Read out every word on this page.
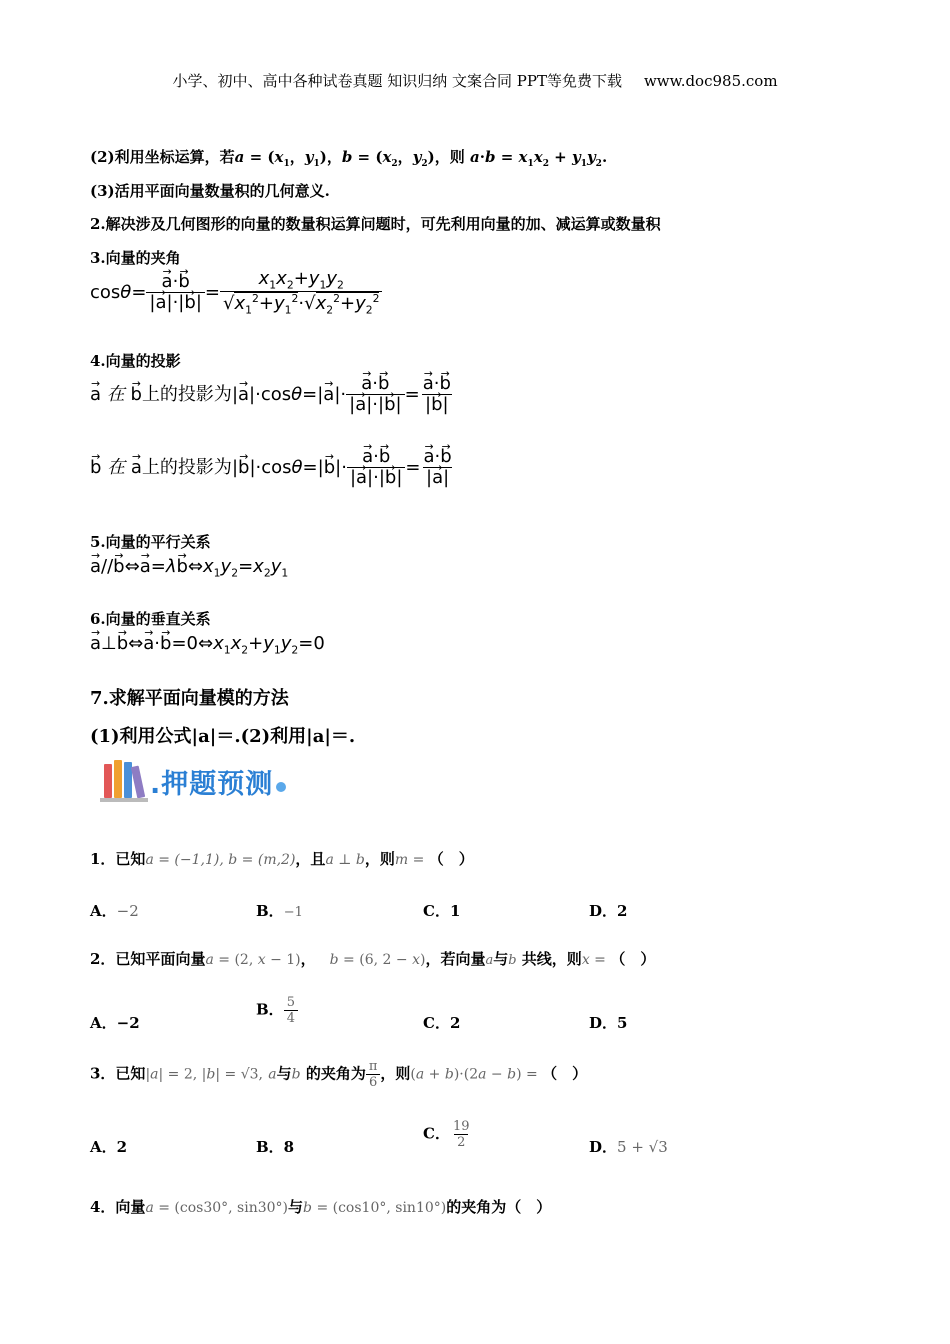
小学、初中、高中各种试卷真题 知识归纳 文案合同 PPT等免费下载 www.doc985.com
(2)利用坐标运算，若$a = (x_1$，$y_1$)，$b = (x_2$，$y_2$)，则 $a\cdot b = x_1x_2 + y_1y_2$.
(3)活用平面向量数量积的几何意义.
2.解决涉及几何图形的向量的数量积运算问题时，可先利用向量的加、减运算或数量积
3.向量的夹角
cosθ=
→ $\frac{a\cdot\to b}{|\to a|\cdot|\to b|} = \frac{x_1x_2+y_1y_2}{√x_1^2+y_1^2\cdot√x_2^2+y_2^2}$
4.向量的投影
→ a 在 → b上的投影为|→ a|·cosθ=|→ a|·
→ $\frac{a\cdot\to b}{|\to a|\cdot|\to b|}$ =
→ $\frac{a\cdot\to b}{|\to b|}$
→ b 在 → a上的投影为|→ b|·cosθ=|→ b|·
→ $\frac{a\cdot\to b}{|\to a|\cdot|\to b|}$ =
→ $\frac{a\cdot\to b}{|\to a|}$
5.向量的平行关系
→ a//→ b⇔→ $a=\lambda\to b\Leftrightarrow x_1y_2=x_2y_1$
6.向量的垂直关系
→ a⊥→ b⇔→ $a\cdot\to b=0\Leftrightarrow x_1x_2+y_1y_2=0$
7.求解平面向量模的方法
(1)利用公式|a|＝.(2)利用|a|＝.
.押题预测
1．已知a = (−1,1), b = (m,2)，且a ⊥ b，则m = （　）
A．−2	B．−1	C．1	D．2
2．已知平面向量a = (2, x − 1)， b = (6, 2 − x)，若向量a与b 共线，则x = （　）
A．−2
B． $\frac{5}{4}$	C．2	D．5
3．已知|a| = 2, |b| = √3, a与b 的夹角为 $\frac{\pi}{6}$ ，则(a + b)·(2a − b) = （　）
A．2	B．8
C． $\frac{19}{2}$	D．5 + √3
4．向量a = (cos30°, sin30°)与b = (cos10°, sin10°)的夹角为（　）
